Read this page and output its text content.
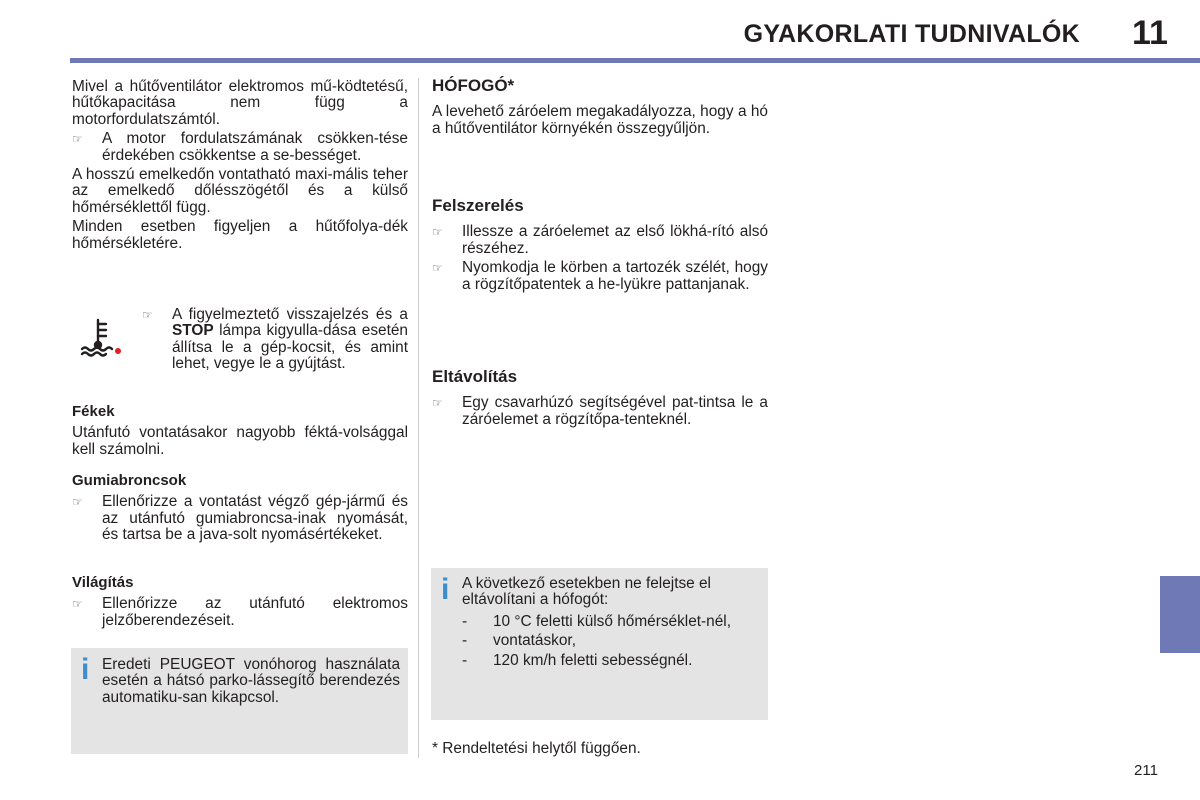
GYAKORLATI TUDNIVALÓK 11

Mivel a hűtőventilátor elektromos mű-ködtetésű, hűtőkapacitása nem függ a motorfordulatszámtól.

☞ A motor fordulatszámának csökken-tése érdekében csökkentse a se-bességet.

A hosszú emelkedőn vontatható maxi-mális teher az emelkedő dőlésszögétől és a külső hőmérséklettől függ.

Minden esetben figyeljen a hűtőfolya-dék hőmérsékletére.

☞ A figyelmeztető visszajelzés és a STOP lámpa kigyulla-dása esetén állítsa le a gép-kocsit, és amint lehet, vegye le a gyújtást.
Fékek

Utánfutó vontatásakor nagyobb féktá-volsággal kell számolni.

Gumiabroncsok
☞ Ellenőrizze a vontatást végző gép-jármű és az utánfutó gumiabroncsa-inak nyomását, és tartsa be a java-solt nyomásértékeket.
Világítás
☞ Ellenőrizze az utánfutó elektromos jelzőberendezéseit.
i Eredeti PEUGEOT vonóhorog használata esetén a hátsó parko-lássegítő berendezés automatiku-san kikapcsol.
HÓFOGÓ*

A levehető záróelem megakadályozza, hogy a hó a hűtőventilátor környékén összegyűljön.

Felszerelés
☞ Illessze a záróelemet az első lökhá-rító alsó részéhez.
☞ Nyomkodja le körben a tartozék szélét, hogy a rögzítőpatentek a he-lyükre pattanjanak.
Eltávolítás
☞ Egy csavarhúzó segítségével pat-tintsa le a záróelemet a rögzítőpa-tenteknél.
i A következő esetekben ne felejtse el eltávolítani a hófogót:

- 10 °C feletti külső hőmérséklet-nél,
- vontatáskor,
- 120 km/h feletti sebességnél.
* Rendeltetési helytől függően.
211
